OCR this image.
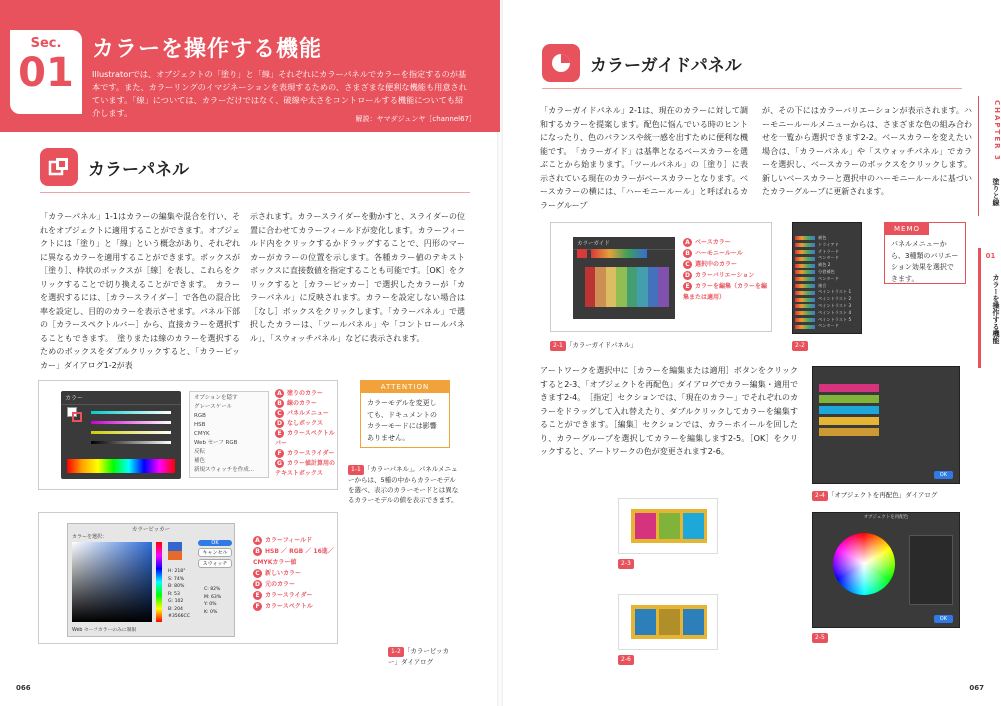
Sec.
01
カラーを操作する機能
Illustratorでは、オブジェクトの「塗り」と「線」それぞれにカラーパネルでカラーを指定するのが基本です。また、カラーリングのイマジネーションを表現するための、さまざまな便利な機能も用意されています。「線」については、カラーだけではなく、破線や太さをコントロールする機能についても紹介します。
解説：ヤマダジュンヤ［channel67］
カラーパネル
「カラーパネル」1-1はカラーの編集や混合を行い、それをオブジェクトに適用することができます。オブジェクトには「塗り」と「線」という概念があり、それぞれに異なるカラーを適用することができます。ボックスが［塗り］、枠状のボックスが［線］を表し、これらをクリックすることで切り換えることができます。　カラーを選択するには、［カラースライダー］で各色の混合比率を設定し、目的のカラーを表示させます。パネル下部の［カラースペクトルバー］から、直接カラーを選択することもできます。　塗りまたは線のカラーを選択するためのボックスをダブルクリックすると、「カラーピッカー」ダイアログ1-2が表
示されます。カラースライダーを動かすと、スライダーの位置に合わせてカラーフィールドが変化します。カラーフィールド内をクリックするかドラッグすることで、円形のマーカーがカラーの位置を示します。各種カラー値のテキストボックスに直接数値を指定することも可能です。［OK］をクリックすると［カラーピッカー］で選択したカラーが「カラーパネル」に反映されます。カラーを設定しない場合は［なし］ボックスをクリックします。「カラーパネル」で選択したカラーは、「ツールパネル」や「コントロールパネル」、「スウォッチパネル」などに表示されます。
カラー	オプションを隠す
グレースケール
RGB
HSB
CMYK
Web セーフ RGB
反転
補色
新規スウォッチを作成...
A 塗りのカラー
B 線のカラー
C パネルメニュー
D なしボックス
E カラースペクトルバー
F カラースライダー
G カラー値計算用のテキストボックス
ATTENTION
カラーモデルを変更しても、ドキュメントのカラーモードには影響ありません。
1-1 「カラーパネル」。パネルメニューからは、5種の中からカラーモデルを選べ、表示のカラーモードとは異なるカラーモデルの値を表示できます。
カラーピッカー
カラーを選択：
OK
キャンセル
スウォッチ
H: 218°
S: 74%
B: 80%
R: 53
G: 102
B: 204
#3566CC
C: 82%
M: 63%
Y: 0%
K: 0%
Web セーフカラーのみに制限
A カラーフィールド
B HSB ／ RGB ／ 16進／ CMYKカラー値
C 新しいカラー
D 元のカラー
E カラースライダー
F カラースペクトル
1-2 「カラーピッカー」ダイアログ
066
カラーガイドパネル
「カラーガイドパネル」2-1は、現在のカラーに対して調和するカラーを提案します。配色に悩んでいる時のヒントになったり、色のバランスや統一感を出すために便利な機能です。　「カラーガイド」は基準となるベースカラーを選ぶことから始まります。「ツールパネル」の［塗り］に表示されている現在のカラーがベースカラーとなります。ベースカラーの横には、「ハーモニールール」と呼ばれるカラーグループ
が、その下にはカラーバリエーションが表示されます。ハーモニールールメニューからは、さまざまな色の組み合わせを一覧から選択できます2-2。ベースカラーを変えたい場合は、「カラーパネル」や「スウォッチパネル」でカラーを選択し、ベースカラーのボックスをクリックします。新しいベースカラーと選択中のハーモニールールに基づいたカラーグループに更新されます。
カラーガイド	A ベースカラー
B ハーモニールール
C 選択中のカラー
D カラーバリエーション
E カラーを編集（カラーを編集または適用）
2-1 「カラーガイドパネル」
補色
トライアド
テトラード
ペンタード
補色 2
分裂補色
ペンタード
複合
ペイントラスト 1
ペイントラスト 2
ペイントラスト 3
ペイントラスト 4
ペイントラスト 5
ペンタード
2-2
MEMO
パネルメニューから、3種類のバリエーション効果を選択できます。
アートワークを選択中に［カラーを編集または適用］ボタンをクリックすると2-3、「オブジェクトを再配色」ダイアログでカラー編集・適用できます2-4。　［指定］セクションでは、「現在のカラー」でそれぞれのカラーをドラッグして入れ替えたり、ダブルクリックしてカラーを編集することができます。［編集］セクションでは、カラーホイールを回したり、カラーグループを選択してカラーを編集します2-5。［OK］をクリックすると、アートワークの色が変更されます2-6。
2-3
2-6
OK
2-4 「オブジェクトを再配色」ダイアログ
オブジェクトを再配色
OK
2-5
CHAPTER 3
塗りと線
01
カラーを操作する機能
067
